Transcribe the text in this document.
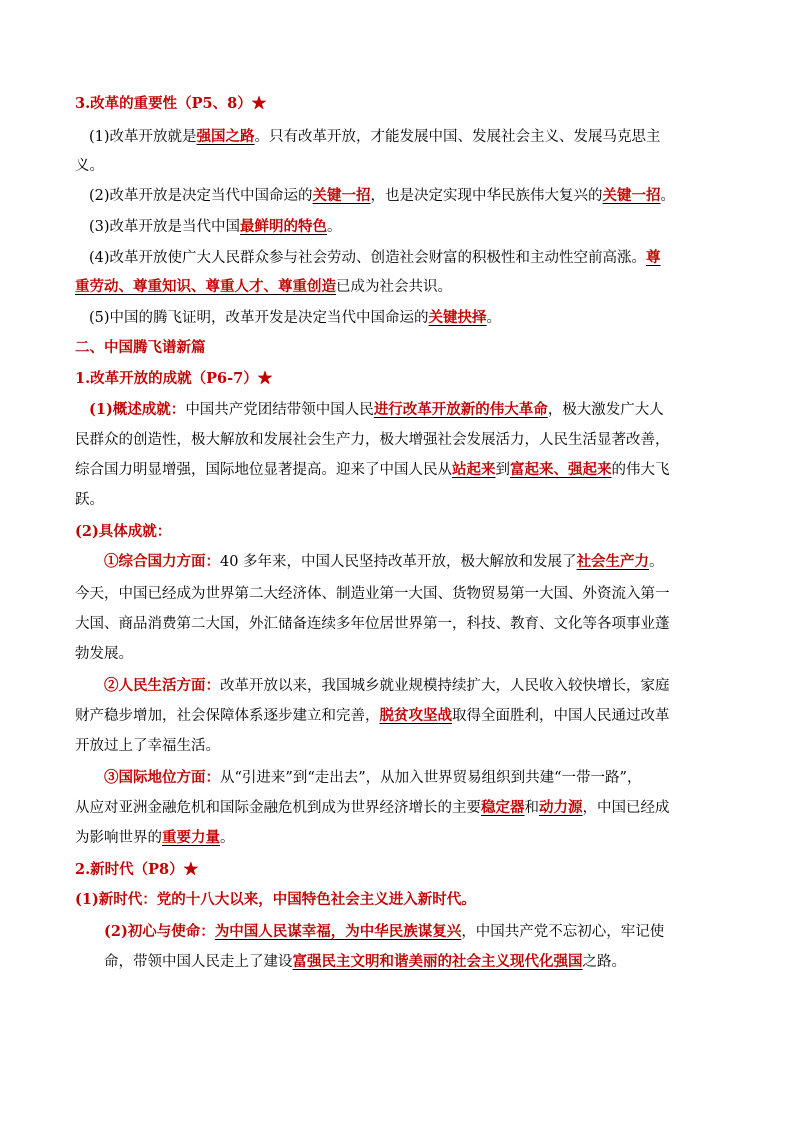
3.改革的重要性（P5、8）★
(1)改革开放就是强国之路。只有改革开放，才能发展中国、发展社会主义、发展马克思主
义。
(2)改革开放是决定当代中国命运的关键一招，也是决定实现中华民族伟大复兴的关键一招。
(3)改革开放是当代中国最鲜明的特色。
(4)改革开放使广大人民群众参与社会劳动、创造社会财富的积极性和主动性空前高涨。尊
重劳动、尊重知识、尊重人才、尊重创造已成为社会共识。
(5)中国的腾飞证明，改革开发是决定当代中国命运的关键抉择。
二、中国腾飞谱新篇
1.改革开放的成就（P6-7）★
(1)概述成就：中国共产党团结带领中国人民进行改革开放新的伟大革命，极大激发广大人
民群众的创造性，极大解放和发展社会生产力，极大增强社会发展活力，人民生活显著改善，
综合国力明显增强，国际地位显著提高。迎来了中国人民从站起来到富起来、强起来的伟大飞
跃。
(2)具体成就：
①综合国力方面：40 多年来，中国人民坚持改革开放，极大解放和发展了社会生产力。
今天，中国已经成为世界第二大经济体、制造业第一大国、货物贸易第一大国、外资流入第一
大国、商品消费第二大国，外汇储备连续多年位居世界第一，科技、教育、文化等各项事业蓬
勃发展。
②人民生活方面：改革开放以来，我国城乡就业规模持续扩大，人民收入较快增长，家庭
财产稳步增加，社会保障体系逐步建立和完善，脱贫攻坚战取得全面胜利，中国人民通过改革
开放过上了幸福生活。
③国际地位方面：从“引进来”到“走出去”，从加入世界贸易组织到共建“一带一路”，
从应对亚洲金融危机和国际金融危机到成为世界经济增长的主要稳定器和动力源，中国已经成
为影响世界的重要力量。
2.新时代（P8）★
(1)新时代：党的十八大以来，中国特色社会主义进入新时代。
(2)初心与使命：为中国人民谋幸福，为中华民族谋复兴，中国共产党不忘初心，牢记使
命，带领中国人民走上了建设富强民主文明和谐美丽的社会主义现代化强国之路。
